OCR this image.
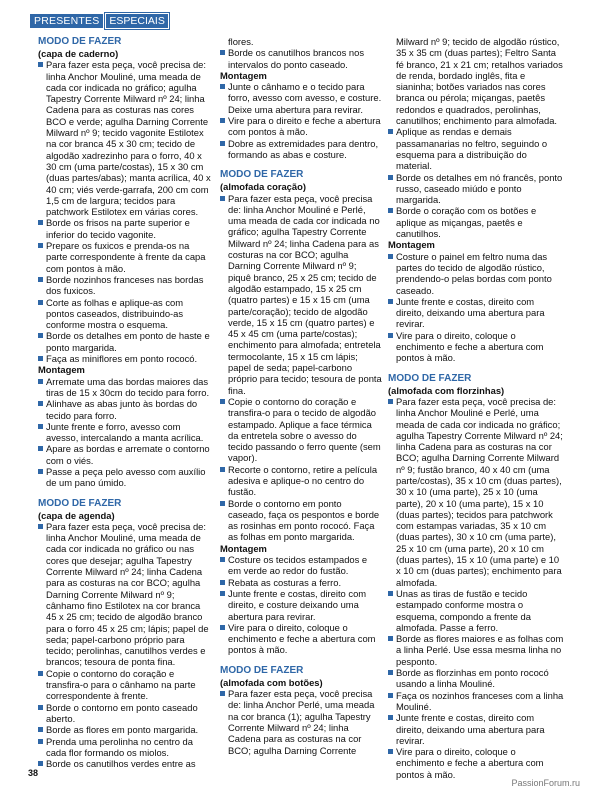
PRESENTES ESPECIAIS

MODO DE FAZER

(capa de caderno)

Para fazer esta peça, você precisa de: linha Anchor Mouliné, uma meada de cada cor indicada no gráfico; agulha Tapestry Corrente Milward nº 24; linha Cadena para as costuras nas cores BCO e verde; agulha Darning Corrente Milward nº 9; tecido vagonite Estilotex na cor branca 45 x 30 cm; tecido de algodão xadrezinho para o forro, 40 x 30 cm (uma parte/costas), 15 x 30 cm (duas partes/abas); manta acrílica, 40 x 40 cm; viés verde-garrafa, 200 cm com 1,5 cm de largura; tecidos para patchwork Estilotex em várias cores.
Borde os frisos na parte superior e inferior do tecido vagonite.
Prepare os fuxicos e prenda-os na parte correspondente à frente da capa com pontos à mão.
Borde nozinhos franceses nas bordas dos fuxicos.
Corte as folhas e aplique-as com pontos caseados, distribuindo-as conforme mostra o esquema.
Borde os detalhes em ponto de haste e ponto margarida.
Faça as miniflores em ponto rococó.

Montagem

Arremate uma das bordas maiores das tiras de 15 x 30cm do tecido para forro.
Alinhave as abas junto às bordas do tecido para forro.
Junte frente e forro, avesso com avesso, intercalando a manta acrílica.
Apare as bordas e arremate o contorno com o viés.
Passe a peça pelo avesso com auxílio de um pano úmido.

MODO DE FAZER

(capa de agenda)

Para fazer esta peça, você precisa de: linha Anchor Mouliné, uma meada de cada cor indicada no gráfico ou nas cores que desejar; agulha Tapestry Corrente Milward nº 24; linha Cadena para as costuras na cor BCO; agulha Darning Corrente Milward nº 9; cânhamo fino Estilotex na cor branca 45 x 25 cm; tecido de algodão branco para o forro 45 x 25 cm; lápis; papel de seda; papel-carbono próprio para tecido; perolinhas, canutilhos verdes e brancos; tesoura de ponta fina.
Copie o contorno do coração e transfira-o para o cânhamo na parte correspondente à frente.
Borde o contorno em ponto caseado aberto.
Borde as flores em ponto margarida.
Prenda uma perolinha no centro da cada flor formando os miolos.
Borde os canutilhos verdes entre as
flores.
Borde os canutilhos brancos nos intervalos do ponto caseado.

Montagem

Junte o cânhamo e o tecido para forro, avesso com avesso, e costure. Deixe uma abertura para revirar.
Vire para o direito e feche a abertura com pontos à mão.
Dobre as extremidades para dentro, formando as abas e costure.

MODO DE FAZER

(almofada coração)

Para fazer esta peça, você precisa de: linha Anchor Mouliné e Perlé, uma meada de cada cor indicada no gráfico; agulha Tapestry Corrente Milward nº 24; linha Cadena para as costuras na cor BCO; agulha Darning Corrente Milward nº 9; piquê branco, 25 x 25 cm; tecido de algodão estampado, 15 x 25 cm (quatro partes) e 15 x 15 cm (uma parte/coração); tecido de algodão verde, 15 x 15 cm (quatro partes) e 45 x 45 cm (uma parte/costas); enchimento para almofada; entretela termocolante, 15 x 15 cm lápis; papel de seda; papel-carbono próprio para tecido; tesoura de ponta fina.
Copie o contorno do coração e transfira-o para o tecido de algodão estampado. Aplique a face térmica da entretela sobre o avesso do tecido passando o ferro quente (sem vapor).
Recorte o contorno, retire a película adesiva e aplique-o no centro do fustão.
Borde o contorno em ponto caseado, faça os pespontos e borde as rosinhas em ponto rococó. Faça as folhas em ponto margarida.

Montagem

Costure os tecidos estampados e em verde ao redor do fustão.
Rebata as costuras a ferro.
Junte frente e costas, direito com direito, e costure deixando uma abertura para revirar.
Vire para o direito, coloque o enchimento e feche a abertura com pontos à mão.

MODO DE FAZER

(almofada com botões)

Para fazer esta peça, você precisa de: linha Anchor Perlé, uma meada na cor branca (1); agulha Tapestry Corrente Milward nº 24; linha Cadena para as costuras na cor BCO; agulha Darning Corrente
Milward nº 9; tecido de algodão rústico, 35 x 35 cm (duas partes); Feltro Santa fé branco, 21 x 21 cm; retalhos variados de renda, bordado inglês, fita e sianinha; botões variados nas cores branca ou pérola; miçangas, paetês redondos e quadrados, perolinhas, canutilhos; enchimento para almofada.
Aplique as rendas e demais passamanarias no feltro, seguindo o esquema para a distribuição do material.
Borde os detalhes em nó francês, ponto russo, caseado miúdo e ponto margarida.
Borde o coração com os botões e aplique as miçangas, paetês e canutilhos.

Montagem

Costure o painel em feltro numa das partes do tecido de algodão rústico, prendendo-o pelas bordas com ponto caseado.
Junte frente e costas, direito com direito, deixando uma abertura para revirar.
Vire para o direito, coloque o enchimento e feche a abertura com pontos à mão.

MODO DE FAZER

(almofada com florzinhas)

Para fazer esta peça, você precisa de: linha Anchor Mouliné e Perlé, uma meada de cada cor indicada no gráfico; agulha Tapestry Corrente Milward nº 24; linha Cadena para as costuras na cor BCO; agulha Darning Corrente Milward nº 9; fustão branco, 40 x 40 cm (uma parte/costas), 35 x 10 cm (duas partes), 30 x 10 (uma parte), 25 x 10 (uma parte), 20 x 10 (uma parte), 15 x 10 (duas partes); tecidos para patchwork com estampas variadas, 35 x 10 cm (duas partes), 30 x 10 cm (uma parte), 25 x 10 cm (uma parte), 20 x 10 cm (duas partes), 15 x 10 (uma parte) e 10 x 10 cm (duas partes); enchimento para almofada.
Unas as tiras de fustão e tecido estampado conforme mostra o esquema, compondo a frente da almofada. Passe a ferro.
Borde as flores maiores e as folhas com a linha Perlé. Use essa mesma linha no pesponto.
Borde as florzinhas em ponto rococó usando a linha Mouliné.
Faça os nozinhos franceses com a linha Mouliné.
Junte frente e costas, direito com direito, deixando uma abertura para revirar.
Vire para o direito, coloque o enchimento e feche a abertura com pontos à mão.
38
PassionForum.ru
